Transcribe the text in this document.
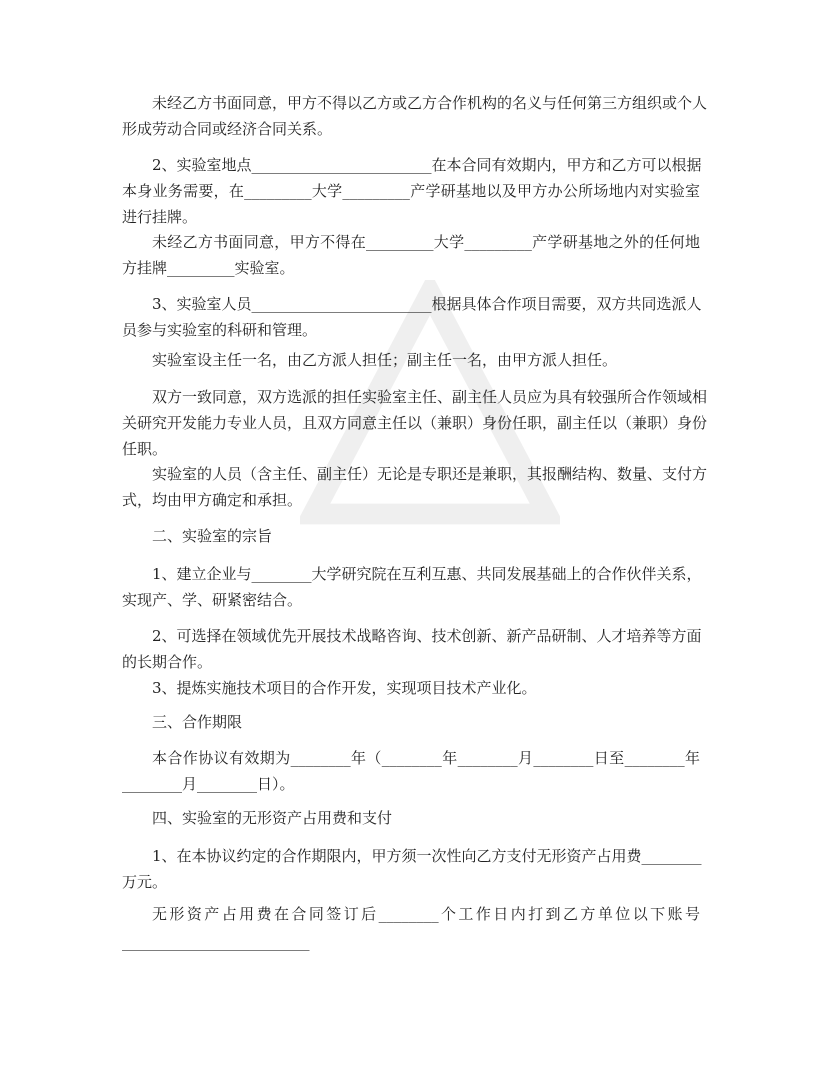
未经乙方书面同意，甲方不得以乙方或乙方合作机构的名义与任何第三方组织或个人
形成劳动合同或经济合同关系。
2、实验室地点________________________在本合同有效期内，甲方和乙方可以根据
本身业务需要，在_________大学_________产学研基地以及甲方办公所场地内对实验室
进行挂牌。
未经乙方书面同意，甲方不得在_________大学_________产学研基地之外的任何地
方挂牌_________实验室。
3、实验室人员________________________根据具体合作项目需要，双方共同选派人
员参与实验室的科研和管理。
实验室设主任一名，由乙方派人担任；副主任一名，由甲方派人担任。
双方一致同意，双方选派的担任实验室主任、副主任人员应为具有较强所合作领域相
关研究开发能力专业人员，且双方同意主任以（兼职）身份任职，副主任以（兼职）身份
任职。
实验室的人员（含主任、副主任）无论是专职还是兼职，其报酬结构、数量、支付方
式，均由甲方确定和承担。
二、实验室的宗旨
1、建立企业与________大学研究院在互利互惠、共同发展基础上的合作伙伴关系，
实现产、学、研紧密结合。
2、可选择在领域优先开展技术战略咨询、技术创新、新产品研制、人才培养等方面
的长期合作。
3、提炼实施技术项目的合作开发，实现项目技术产业化。
三、合作期限
本合作协议有效期为________年（________年________月________日至________年
________月________日）。
四、实验室的无形资产占用费和支付
1、在本协议约定的合作期限内，甲方须一次性向乙方支付无形资产占用费________
万元。
无形资产占用费在合同签订后________个工作日内打到乙方单位以下账号
_________________________
